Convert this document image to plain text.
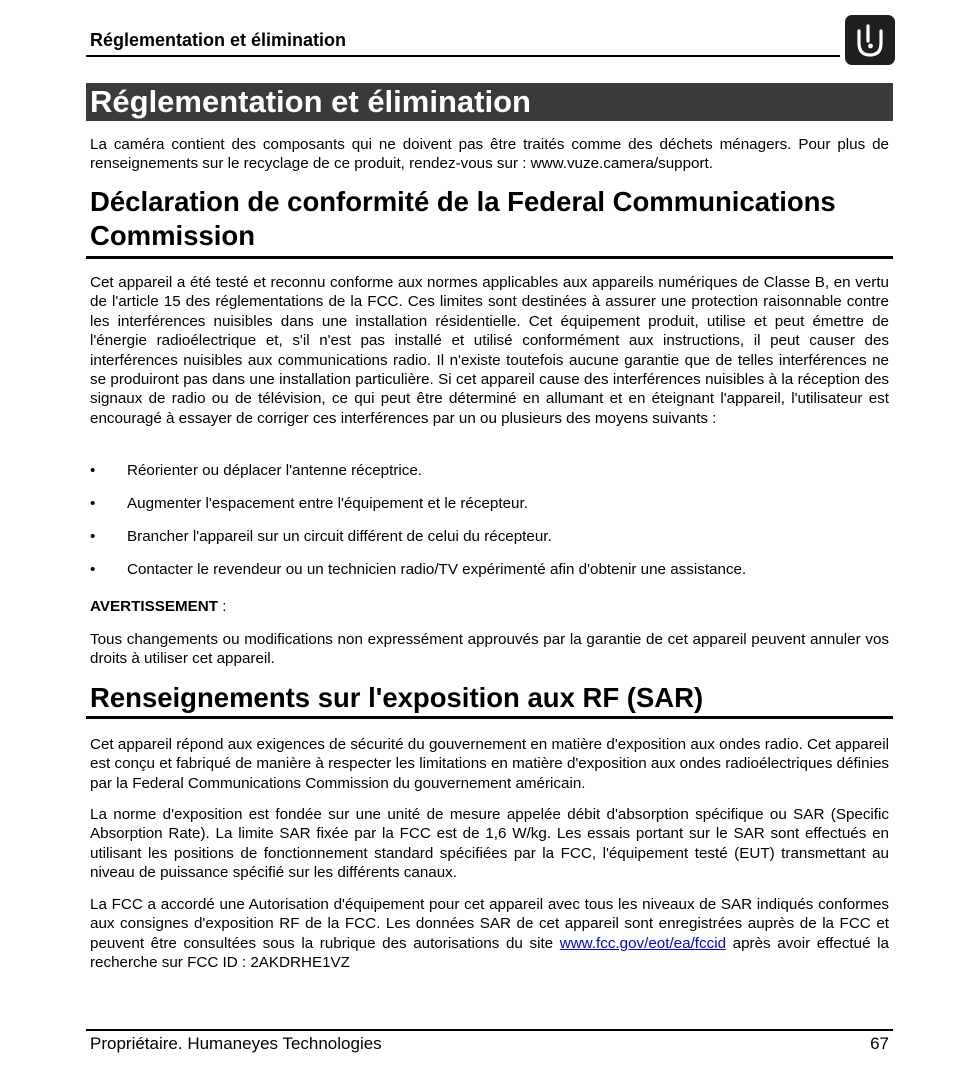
Réglementation et élimination
Réglementation et élimination

La caméra contient des composants qui ne doivent pas être traités comme des déchets ménagers. Pour plus de renseignements sur le recyclage de ce produit, rendez-vous sur : www.vuze.camera/support.

Déclaration de conformité de la Federal Communications Commission

Cet appareil a été testé et reconnu conforme aux normes applicables aux appareils numériques de Classe B, en vertu de l'article 15 des réglementations de la FCC. Ces limites sont destinées à assurer une protection raisonnable contre les interférences nuisibles dans une installation résidentielle. Cet équipement produit, utilise et peut émettre de l'énergie radioélectrique et, s'il n'est pas installé et utilisé conformément aux instructions, il peut causer des interférences nuisibles aux communications radio. Il n'existe toutefois aucune garantie que de telles interférences ne se produiront pas dans une installation particulière. Si cet appareil cause des interférences nuisibles à la réception des signaux de radio ou de télévision, ce qui peut être déterminé en allumant et en éteignant l'appareil, l'utilisateur est encouragé à essayer de corriger ces interférences par un ou plusieurs des moyens suivants :

• Réorienter ou déplacer l'antenne réceptrice.
• Augmenter l'espacement entre l'équipement et le récepteur.
• Brancher l'appareil sur un circuit différent de celui du récepteur.
• Contacter le revendeur ou un technicien radio/TV expérimenté afin d'obtenir une assistance.

AVERTISSEMENT :

Tous changements ou modifications non expressément approuvés par la garantie de cet appareil peuvent annuler vos droits à utiliser cet appareil.

Renseignements sur l'exposition aux RF (SAR)

Cet appareil répond aux exigences de sécurité du gouvernement en matière d'exposition aux ondes radio. Cet appareil est conçu et fabriqué de manière à respecter les limitations en matière d'exposition aux ondes radioélectriques définies par la Federal Communications Commission du gouvernement américain.

La norme d'exposition est fondée sur une unité de mesure appelée débit d'absorption spécifique ou SAR (Specific Absorption Rate). La limite SAR fixée par la FCC est de 1,6 W/kg. Les essais portant sur le SAR sont effectués en utilisant les positions de fonctionnement standard spécifiées par la FCC, l'équipement testé (EUT) transmettant au niveau de puissance spécifié sur les différents canaux.

La FCC a accordé une Autorisation d'équipement pour cet appareil avec tous les niveaux de SAR indiqués conformes aux consignes d'exposition RF de la FCC. Les données SAR de cet appareil sont enregistrées auprès de la FCC et peuvent être consultées sous la rubrique des autorisations du site www.fcc.gov/eot/ea/fccid après avoir effectué la recherche sur FCC ID : 2AKDRHE1VZ

Propriétaire. Humaneyes Technologies	67
